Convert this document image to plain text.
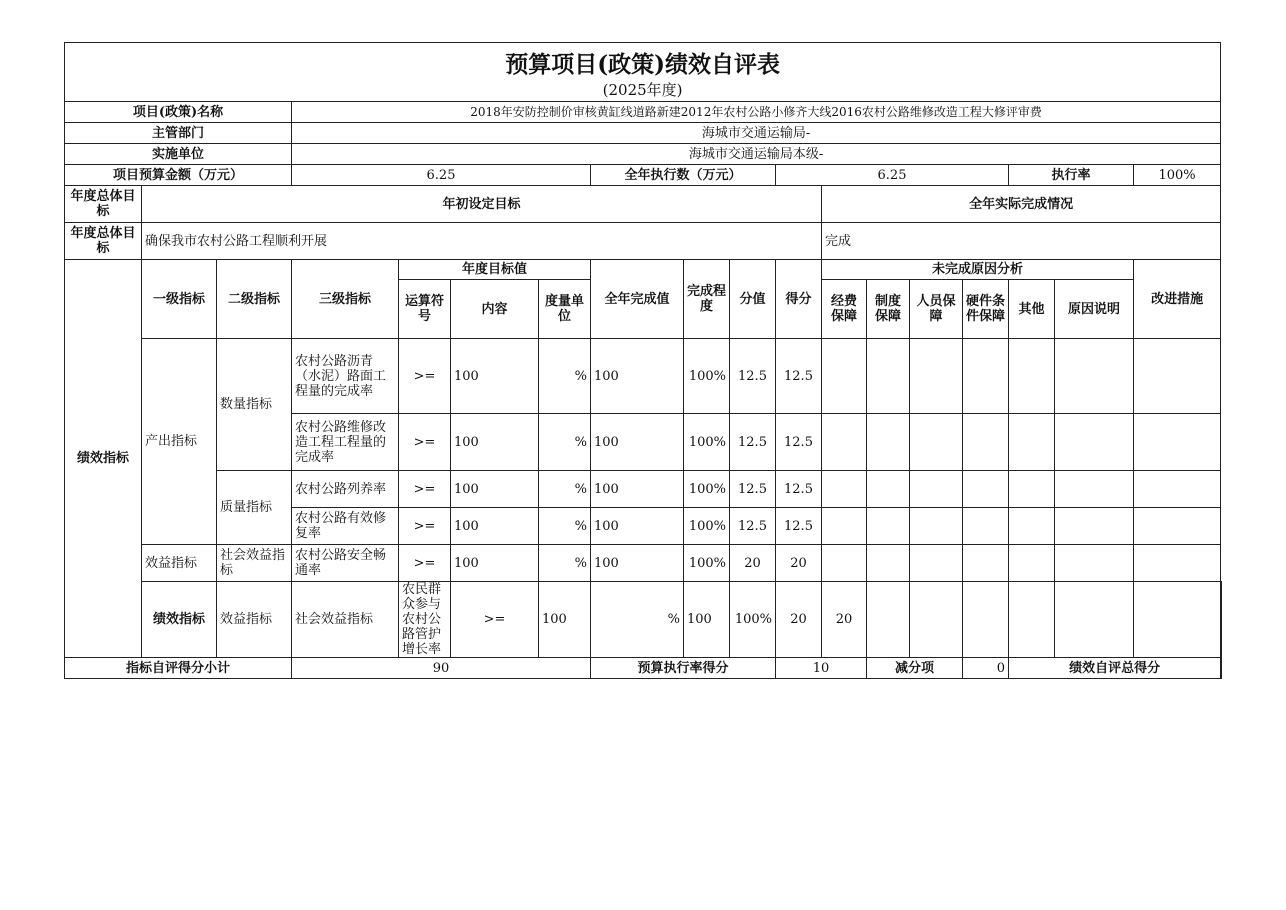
预算项目(政策)绩效自评表
(2025年度)																		

项目(政策)名称			2018年安防控制价审核黄缸线道路新建2012年农村公路小修齐大线2016农村公路维修改造工程大修评审费															
主管部门			海城市交通运输局-															
实施单位			海城市交通运输局本级-															
项目预算金额（万元）			6.25				全年执行数（万元）			6.25					执行率		100%	
年度总体目标	年初设定目标										全年实际完成情况							
年度总体目标	确保我市农村公路工程顺利开展										完成							
绩效指标	一级指标	二级指标	三级指标	年度目标值			全年完成值	完成程度	分值	得分	未完成原因分析						改进措施	
				运算符号	内容	度量单位					经费保障	制度保障	人员保障	硬件条件保障	其他	原因说明		
	产出指标	数量指标	农村公路沥青（水泥）路面工程量的完成率	>=	100	%	100	100%	12.5	12.5								
			农村公路维修改造工程工程量的完成率	>=	100	%	100	100%	12.5	12.5								
		质量指标	农村公路列养率	>=	100	%	100	100%	12.5	12.5								
			农村公路有效修复率	>=	100	%	100	100%	12.5	12.5								
	效益指标	社会效益指标	农村公路安全畅通率	>=	100	%	100	100%	20	20								
	绩效指标	效益指标	社会效益指标	农民群众参与农村公路管护增长率	>=	100	%	100	100%	20	20							
指标自评得分小计			90				预算执行率得分			10		减分项		0	绩效自评总得分	
